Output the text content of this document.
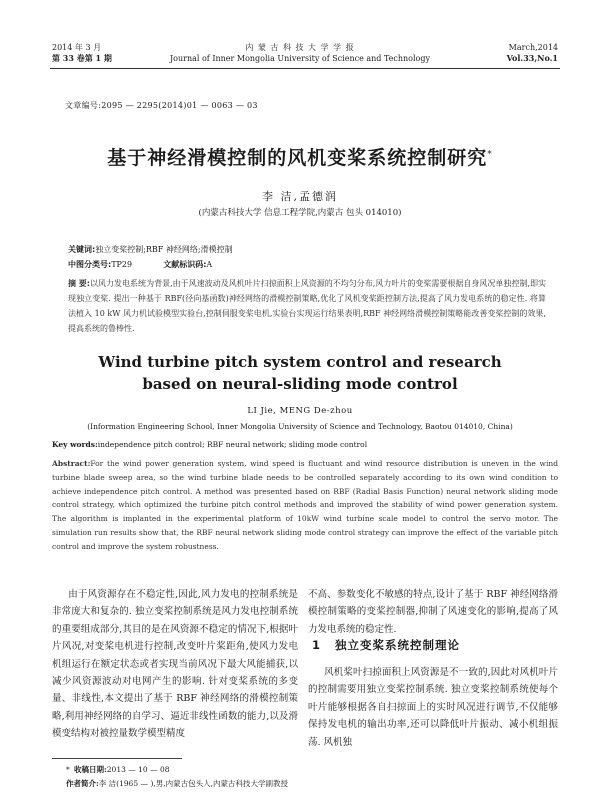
2014 年 3 月
第 33 卷第 1 期
内 蒙 古 科 技 大 学 学 报
Journal of Inner Mongolia University of Science and Technology
March,2014
Vol.33,No.1
文章编号:2095 — 2295(2014)01 — 0063 — 03
基于神经滑模控制的风机变桨系统控制研究*
李 洁,孟德润
(内蒙古科技大学 信息工程学院,内蒙古 包头 014010)
关键词:独立变桨控制;RBF 神经网络;滑模控制
中图分类号:TP29	文献标识码:A
摘 要:以风力发电系统为背景,由于风速波动及风机叶片扫掠面积上风资源的不均匀分布,风力叶片的变桨需要根据自身风况单独控制,即实现独立变桨. 提出一种基于 RBF(径向基函数)神经网络的滑模控制策略,优化了风机变桨距控制方法,提高了风力发电系统的稳定性. 将算法植入 10 kW 风力机试验模型实验台,控制伺服变桨电机,实验台实现运行结果表明,RBF 神经网络滑模控制策略能改善变桨控制的效果,提高系统的鲁棒性.
Wind turbine pitch system control and research
based on neural-sliding mode control
LI Jie, MENG De-zhou
(Information Engineering School, Inner Mongolia University of Science and Technology, Baotou 014010, China)
Key words:independence pitch control; RBF neural network; sliding mode control
Abstract:For the wind power generation system, wind speed is fluctuant and wind resource distribution is uneven in the wind turbine blade sweep area, so the wind turbine blade needs to be controlled separately according to its own wind condition to achieve independence pitch control. A method was presented based on RBF (Radial Basis Function) neural network sliding mode control strategy, which optimized the turbine pitch control methods and improved the stability of wind power generation system. The algorithm is implanted in the experimental platform of 10kW wind turbine scale model to control the servo motor. The simulation run results show that, the RBF neural network sliding mode control strategy can improve the effect of the variable pitch control and improve the system robustness.
由于风资源存在不稳定性,因此,风力发电的控制系统是非常庞大和复杂的. 独立变桨控制系统是风力发电控制系统的重要组成部分,其目的是在风资源不稳定的情况下,根据叶片风况,对变桨电机进行控制,改变叶片桨距角,使风力发电机组运行在额定状态或者实现当前风况下最大风能捕获,以减少风资源波动对电网产生的影响. 针对变桨系统的多变量、非线性,本文提出了基于 RBF 神经网络的滑模控制策略,利用神经网络的自学习、逼近非线性函数的能力,以及滑模变结构对被控量数学模型精度
不高、参数变化不敏感的特点,设计了基于 RBF 神经网络滑模控制策略的变桨控制器,抑制了风速变化的影响,提高了风力发电系统的稳定性.
1 独立变桨系统控制理论
风机桨叶扫掠面积上风资源是不一致的,因此对风机叶片的控制需要用独立变桨控制系统. 独立变桨控制系统使每个叶片能够根据各自扫掠面上的实时风况进行调节,不仅能够保持发电机的输出功率,还可以降低叶片振动、减小机组振荡. 风机独
* 收稿日期:2013 — 10 — 08
作者简介:李 洁(1965 — ),男,内蒙古包头人,内蒙古科技大学副教授
